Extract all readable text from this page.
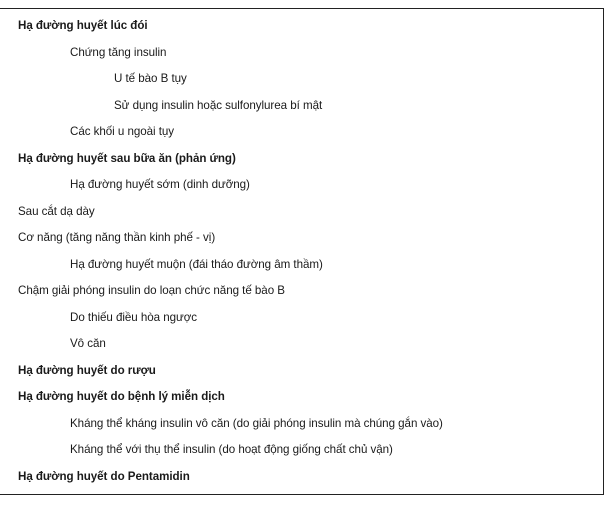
Hạ đường huyết lúc đói
Chứng tăng insulin
U tế bào B tụy
Sử dụng insulin hoặc sulfonylurea bí mật
Các khối u ngoài tụy
Hạ đường huyết sau bữa ăn (phản ứng)
Hạ đường huyết sớm (dinh dưỡng)
Sau cắt dạ dày
Cơ năng (tăng năng thần kinh phế - vị)
Hạ đường huyết muộn (đái tháo đường âm thầm)
Chậm giải phóng insulin do loạn chức năng tế bào B
Do thiếu điều hòa ngược
Vô căn
Hạ đường huyết do rượu
Hạ đường huyết do bệnh lý miễn dịch
Kháng thể kháng insulin vô căn (do giải phóng insulin mà chúng gắn vào)
Kháng thể với thụ thể insulin (do hoạt động giống chất chủ vận)
Hạ đường huyết do Pentamidin
